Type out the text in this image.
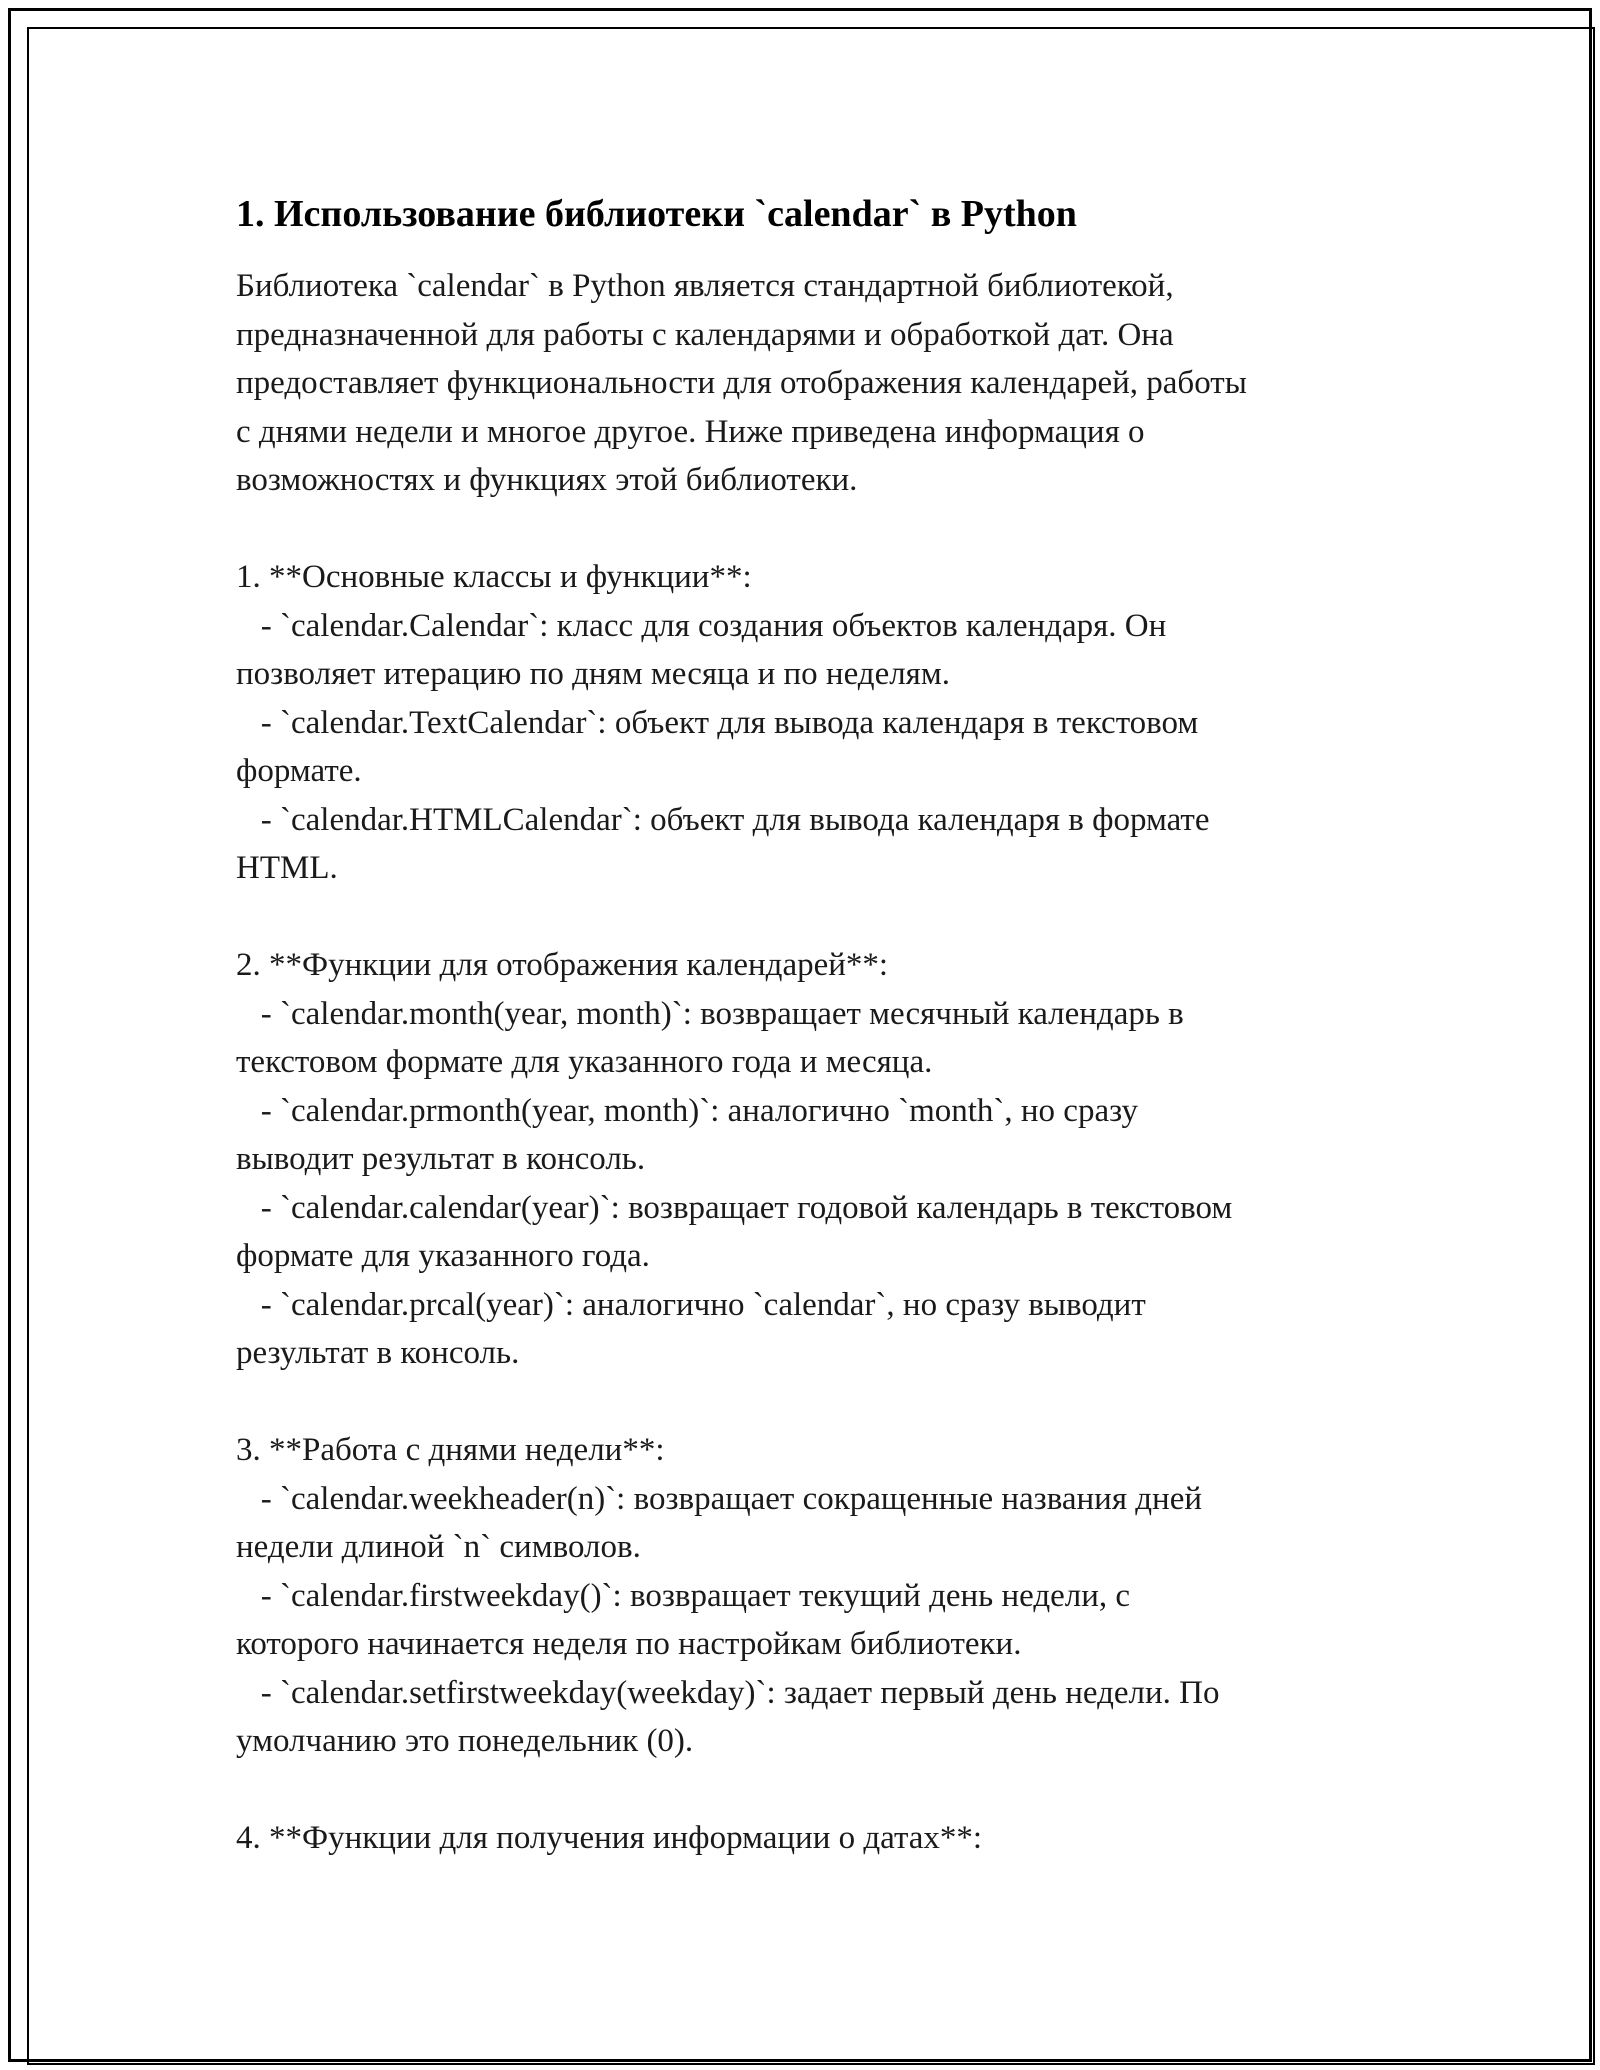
1. Использование библиотеки `calendar` в Python
Библиотека `calendar` в Python является стандартной библиотекой,
предназначенной для работы с календарями и обработкой дат. Она
предоставляет функциональности для отображения календарей, работы
с днями недели и многое другое. Ниже приведена информация о
возможностях и функциях этой библиотеки.
1. **Основные классы и функции**:
- `calendar.Calendar`: класс для создания объектов календаря. Он
позволяет итерацию по дням месяца и по неделям.
- `calendar.TextCalendar`: объект для вывода календаря в текстовом
формате.
- `calendar.HTMLCalendar`: объект для вывода календаря в формате
HTML.
2. **Функции для отображения календарей**:
- `calendar.month(year, month)`: возвращает месячный календарь в
текстовом формате для указанного года и месяца.
- `calendar.prmonth(year, month)`: аналогично `month`, но сразу
выводит результат в консоль.
- `calendar.calendar(year)`: возвращает годовой календарь в текстовом
формате для указанного года.
- `calendar.prcal(year)`: аналогично `calendar`, но сразу выводит
результат в консоль.
3. **Работа с днями недели**:
- `calendar.weekheader(n)`: возвращает сокращенные названия дней
недели длиной `n` символов.
- `calendar.firstweekday()`: возвращает текущий день недели, с
которого начинается неделя по настройкам библиотеки.
- `calendar.setfirstweekday(weekday)`: задает первый день недели. По
умолчанию это понедельник (0).
4. **Функции для получения информации о датах**:
